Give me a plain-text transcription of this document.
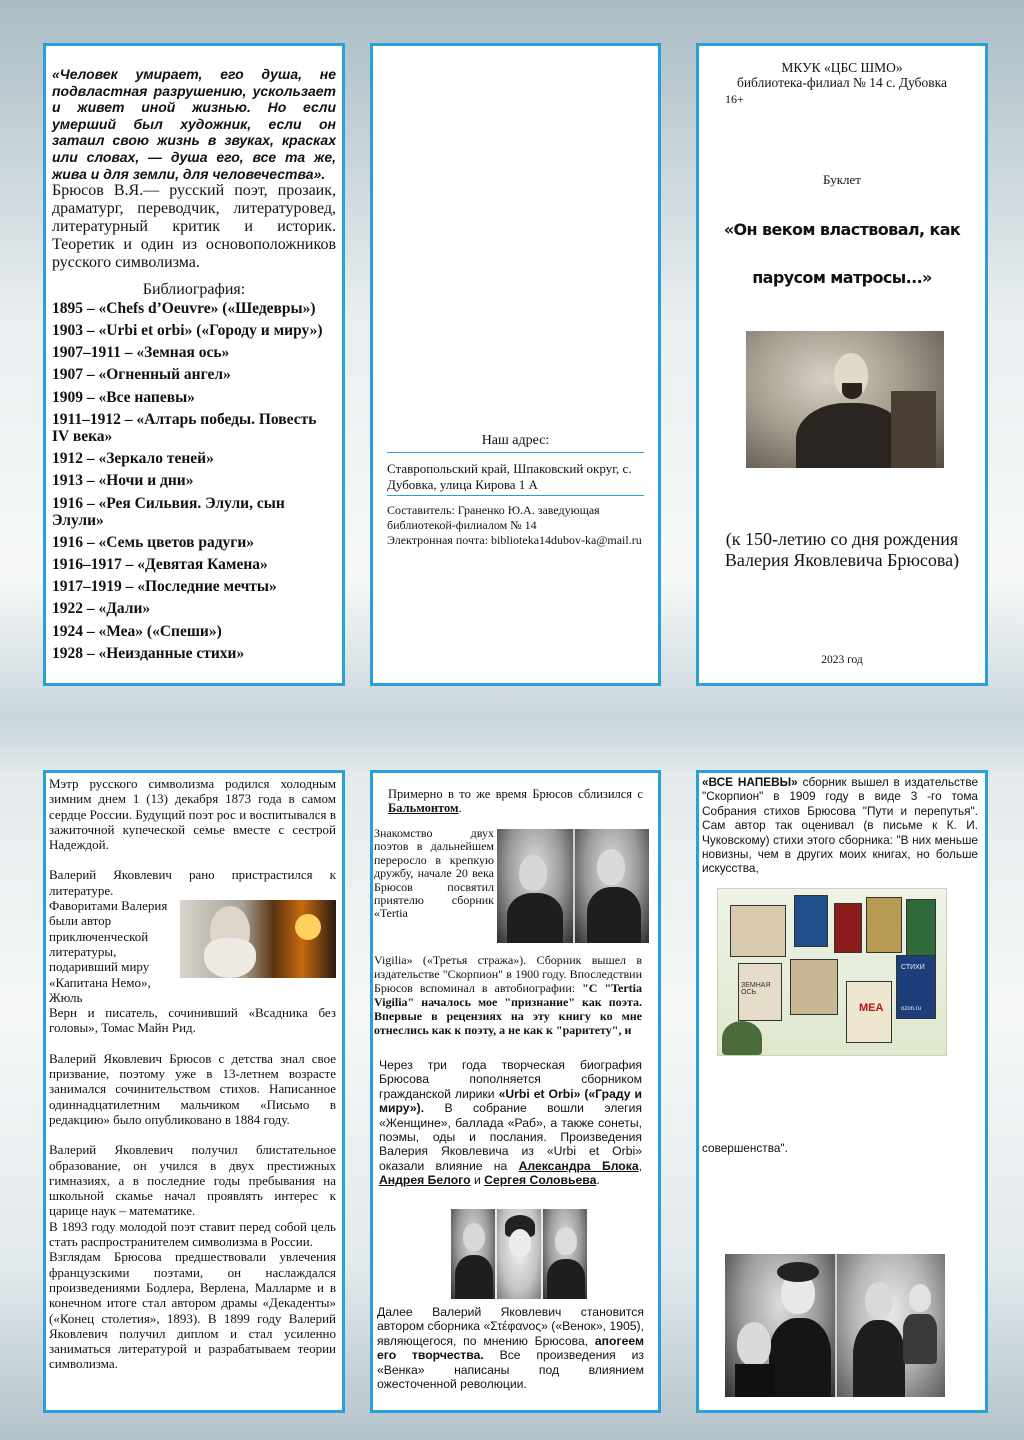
«Человек умирает, его душа, не подвластная разрушению, ускользает и живет иной жизнью. Но если умерший был художник, если он затаил свою жизнь в звуках, красках или словах, — душа его, все та же, жива и для земли, для человечества».

Брюсов В.Я.— русский поэт, прозаик, драматург, переводчик, литературовед, литературный критик и историк. Теоретик и один из основоположников русского символизма.

Библиография:

1895 – «Chefs d’Oeuvre» («Шедевры»)
1903 – «Urbi et orbi» («Городу и миру»)
1907–1911 – «Земная ось»
1907 – «Огненный ангел»
1909 – «Все напевы»
1911–1912 – «Алтарь победы. Повесть IV века»
1912 – «Зеркало теней»
1913 – «Ночи и дни»
1916 – «Рея Сильвия. Элули, сын Элули»
1916 – «Семь цветов радуги»
1916–1917 – «Девятая Камена»
1917–1919 – «Последние мечты»
1922 – «Дали»
1924 – «Меа» («Спеши»)
1928 – «Неизданные стихи»

Наш адрес:

Ставропольский край, Шпаковский округ, с. Дубовка, улица Кирова 1 А

Составитель: Граненко Ю.А. заведующая библиотекой-филиалом № 14

Электронная почта: biblioteka14dubov-ka@mail.ru

МКУК «ЦБС ШМО»

библиотека-филиал № 14 с. Дубовка

16+

Буклет

«Он веком властвовал, как

парусом матросы...»

(к 150-летию со дня рождения Валерия Яковлевича Брюсова)

2023 год

Мэтр русского символизма родился холодным зимним днем 1 (13) декабря 1873 года в самом сердце России. Будущий поэт рос и воспитывался в зажиточной купеческой семье вместе с сестрой Надеждой.

Валерий Яковлевич рано пристрастился к литературе.

Фаворитами Валерия были автор приключенческой литературы, подаривший миру «Капитана Немо», Жюль

Верн и писатель, сочинивший «Всадника без головы», Томас Майн Рид.

Валерий Яковлевич Брюсов с детства знал свое призвание, поэтому уже в 13-летнем возрасте занимался сочинительством стихов. Написанное одиннадцатилетним мальчиком «Письмо в редакцию» было опубликовано в 1884 году.

Валерий Яковлевич получил блистательное образование, он учился в двух престижных гимназиях, а в последние годы пребывания на школьной скамье начал проявлять интерес к царице наук – математике.

В 1893 году молодой поэт ставит перед собой цель стать распространителем символизма в России.

Взглядам Брюсова предшествовали увлечения французскими поэтами, он наслаждался произведениями Бодлера, Верлена, Малларме и в конечном итоге стал автором драмы «Декаденты» («Конец столетия», 1893). В 1899 году Валерий Яковлевич получил диплом и стал усиленно заниматься литературой и разрабатываем теории символизма.

Примерно в то же время Брюсов сблизился с Бальмонтом.

Знакомство двух поэтов в дальнейшем переросло в крепкую дружбу, начале 20 века Брюсов посвятил приятелю сборник «Tertia

Vigilia» («Третья стража»). Сборник вышел в издательстве "Скорпион" в 1900 году. Впоследствии Брюсов вспоминал в автобиографии: "С "Tertia Vigilia" началось мое "признание" как поэта. Впервые в рецензиях на эту книгу ко мне отнеслись как к поэту, а не как к "раритету", и

Через три года творческая биография Брюсова пополняется сборником гражданской лирики «Urbi et Orbi» («Граду и миру»). В собрание вошли элегия «Женщине», баллада «Раб», а также сонеты, поэмы, оды и послания. Произведения Валерия Яковлевича из «Urbi et Orbi» оказали влияние на Александра Блока, Андрея Белого и Сергея Соловьева.

Далее Валерий Яковлевич становится автором сборника «Στέφανος» («Венок», 1905), являющегося, по мнению Брюсова, апогеем его творчества. Все произведения из «Венка» написаны под влиянием ожесточенной революции.

«ВСЕ НАПЕВЫ» сборник вышел в издательстве "Скорпион" в 1909 году в виде 3 -го тома Собрания стихов Брюсова "Пути и перепутья". Сам автор так оценивал (в письме к К. И. Чуковскому) стихи этого сборника: "В них меньше новизны, чем в других моих книгах, но больше искусства,

ЗЕМНАЯ ОСЬ
СТИХИ
ozon.ru
МЕА

совершенства".
